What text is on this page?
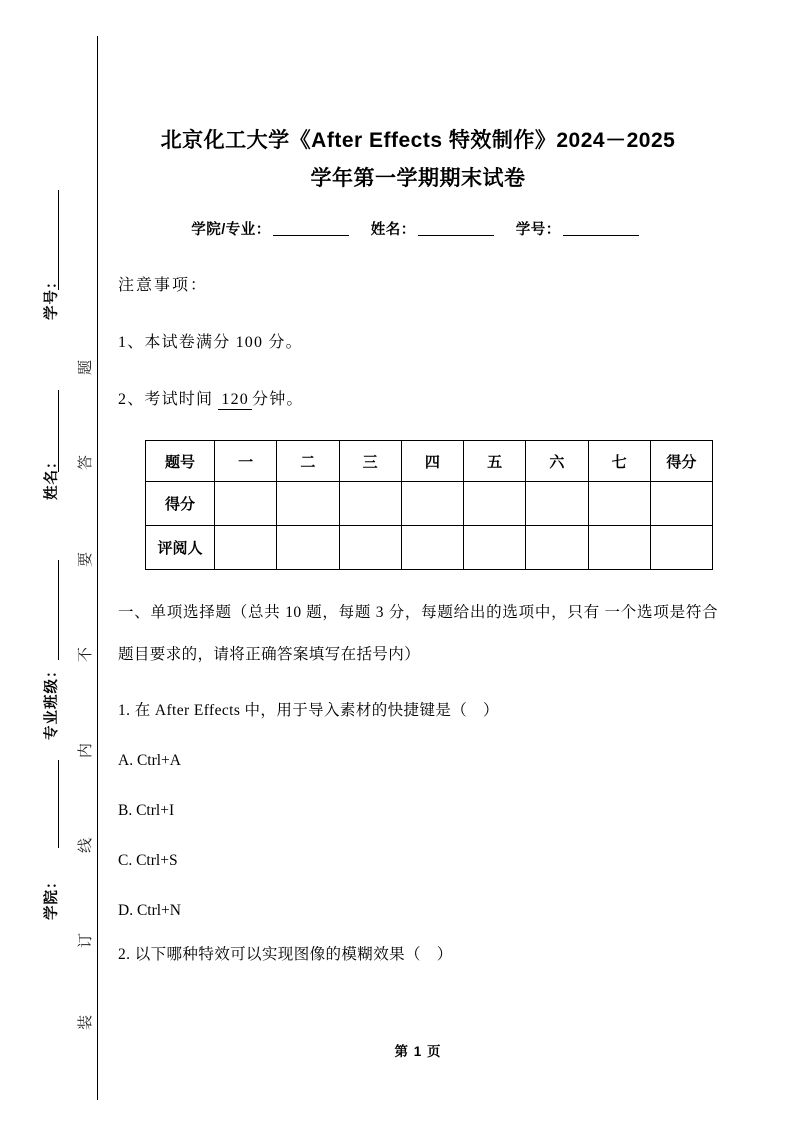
学号：
姓名：
专业班级：
学院：
题
答
要
不
内
线
订
装
北京化工大学《After Effects 特效制作》2024－2025
学年第一学期期末试卷
学院/专业：	姓名：	学号：

注意事项：

1、本试卷满分 100 分。

2、考试时间 120 分钟。

题号	一	二	三	四	五	六	七	得分
得分								
评阅人								

一、单项选择题（总共 10 题，每题 3 分，每题给出的选项中，只有 一个选项是符合题目要求的，请将正确答案填写在括号内）

1. 在 After Effects 中，用于导入素材的快捷键是（　）

A. Ctrl+A

B. Ctrl+I

C. Ctrl+S

D. Ctrl+N

2. 以下哪种特效可以实现图像的模糊效果（　）

第 1 页
